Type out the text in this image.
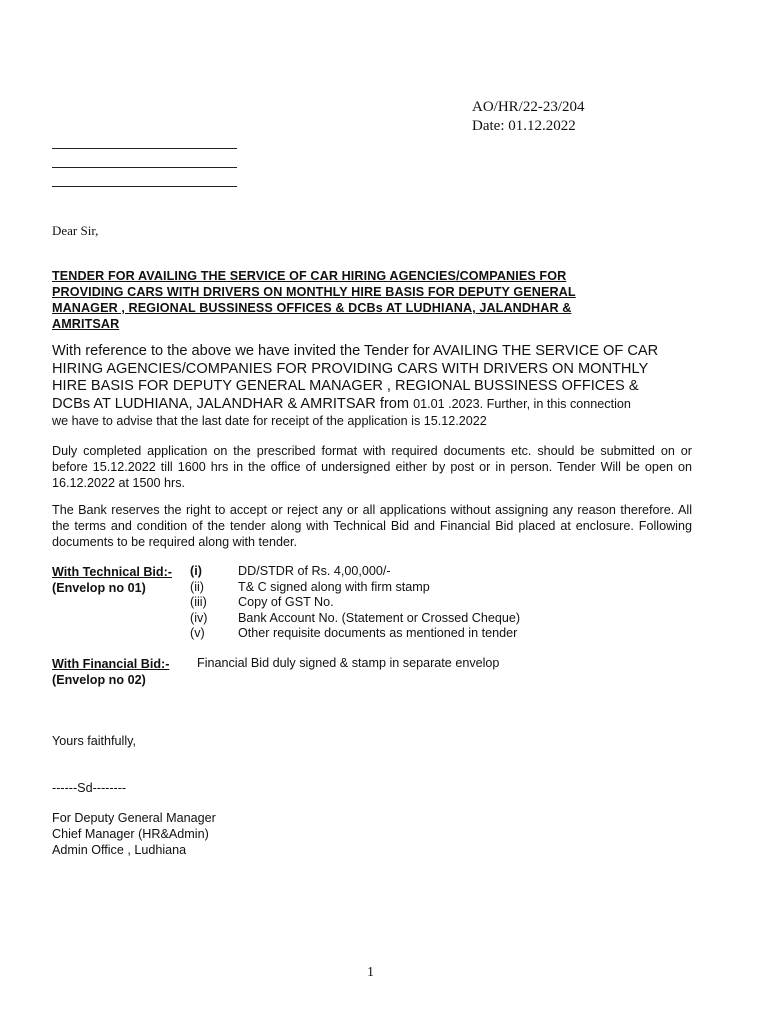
AO/HR/22-23/204
Date: 01.12.2022
Dear Sir,
TENDER FOR AVAILING THE SERVICE OF CAR HIRING AGENCIES/COMPANIES FOR
PROVIDING CARS WITH DRIVERS ON MONTHLY HIRE BASIS FOR DEPUTY GENERAL
MANAGER , REGIONAL BUSSINESS OFFICES & DCBs AT LUDHIANA, JALANDHAR &
AMRITSAR
With reference to the above we have invited the Tender for AVAILING THE SERVICE OF CAR
HIRING AGENCIES/COMPANIES FOR PROVIDING CARS WITH DRIVERS ON MONTHLY
HIRE BASIS FOR DEPUTY GENERAL MANAGER , REGIONAL BUSSINESS OFFICES &
DCBs AT LUDHIANA, JALANDHAR & AMRITSAR from 01.01 .2023. Further, in this connection
we have to advise that the last date for receipt of the application is 15.12.2022
Duly completed application on the prescribed format with required documents etc. should be submitted on or before 15.12.2022 till 1600 hrs in the office of undersigned either by post or in person. Tender Will be open on 16.12.2022 at 1500 hrs.
The Bank reserves the right to accept or reject any or all applications without assigning any reason therefore. All the terms and condition of the tender along with Technical Bid and Financial Bid placed at enclosure. Following documents to be required along with tender.
With Technical Bid:-
(Envelop no 01)
(i)
(ii)
(iii)
(iv)
(v)
DD/STDR of Rs. 4,00,000/-
T& C signed along with firm stamp
Copy of GST No.
Bank Account No. (Statement or Crossed Cheque)
Other requisite documents as mentioned in tender
With Financial Bid:-
(Envelop no 02)
Financial Bid duly signed & stamp in separate envelop
Yours faithfully,
------Sd--------
For Deputy General Manager
Chief Manager (HR&Admin)
Admin Office , Ludhiana
1
